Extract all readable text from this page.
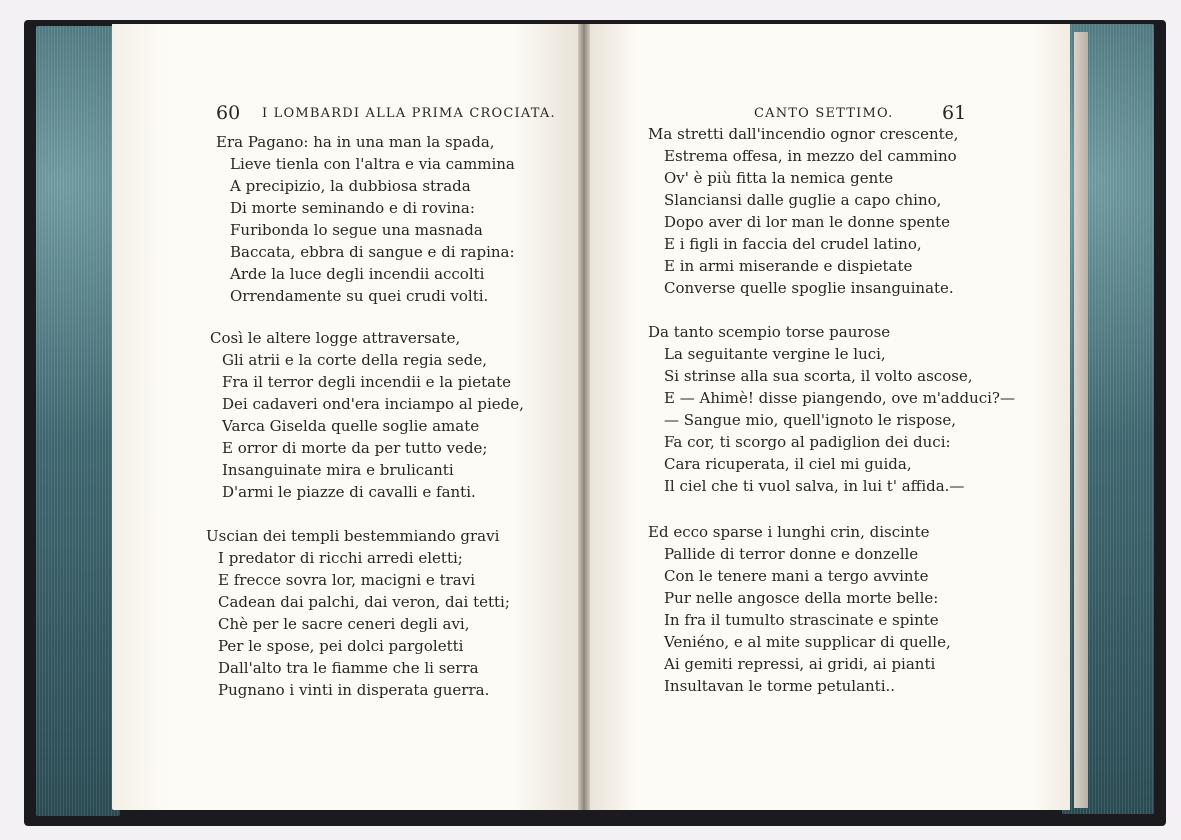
60 I LOMBARDI ALLA PRIMA CROCIATA.
Era Pagano: ha in una man la spada,
Lieve tienla con l'altra e via cammina
A precipizio, la dubbiosa strada
Di morte seminando e di rovina:
Furibonda lo segue una masnada
Baccata, ebbra di sangue e di rapina:
Arde la luce degli incendii accolti
Orrendamente su quei crudi volti.
Così le altere logge attraversate,
Gli atrii e la corte della regia sede,
Fra il terror degli incendii e la pietate
Dei cadaveri ond'era inciampo al piede,
Varca Giselda quelle soglie amate
E orror di morte da per tutto vede;
Insanguinate mira e brulicanti
D'armi le piazze di cavalli e fanti.
Uscian dei templi bestemmiando gravi
I predator di ricchi arredi eletti;
E frecce sovra lor, macigni e travi
Cadean dai palchi, dai veron, dai tetti;
Chè per le sacre ceneri degli avi,
Per le spose, pei dolci pargoletti
Dall'alto tra le fiamme che li serra
Pugnano i vinti in disperata guerra.
CANTO SETTIMO.	61
Ma stretti dall'incendio ognor crescente,
Estrema offesa, in mezzo del cammino
Ov' è più fitta la nemica gente
Slanciansi dalle guglie a capo chino,
Dopo aver di lor man le donne spente
E i figli in faccia del crudel latino,
E in armi miserande e dispietate
Converse quelle spoglie insanguinate.
Da tanto scempio torse paurose
La seguitante vergine le luci,
Si strinse alla sua scorta, il volto ascose,
E — Ahimè! disse piangendo, ove m'adduci?—
— Sangue mio, quell'ignoto le rispose,
Fa cor, ti scorgo al padiglion dei duci:
Cara ricuperata, il ciel mi guida,
Il ciel che ti vuol salva, in lui t' affida.—
Ed ecco sparse i lunghi crin, discinte
Pallide di terror donne e donzelle
Con le tenere mani a tergo avvinte
Pur nelle angosce della morte belle:
In fra il tumulto strascinate e spinte
Veniéno, e al mite supplicar di quelle,
Ai gemiti repressi, ai gridi, ai pianti
Insultavan le torme petulanti..
